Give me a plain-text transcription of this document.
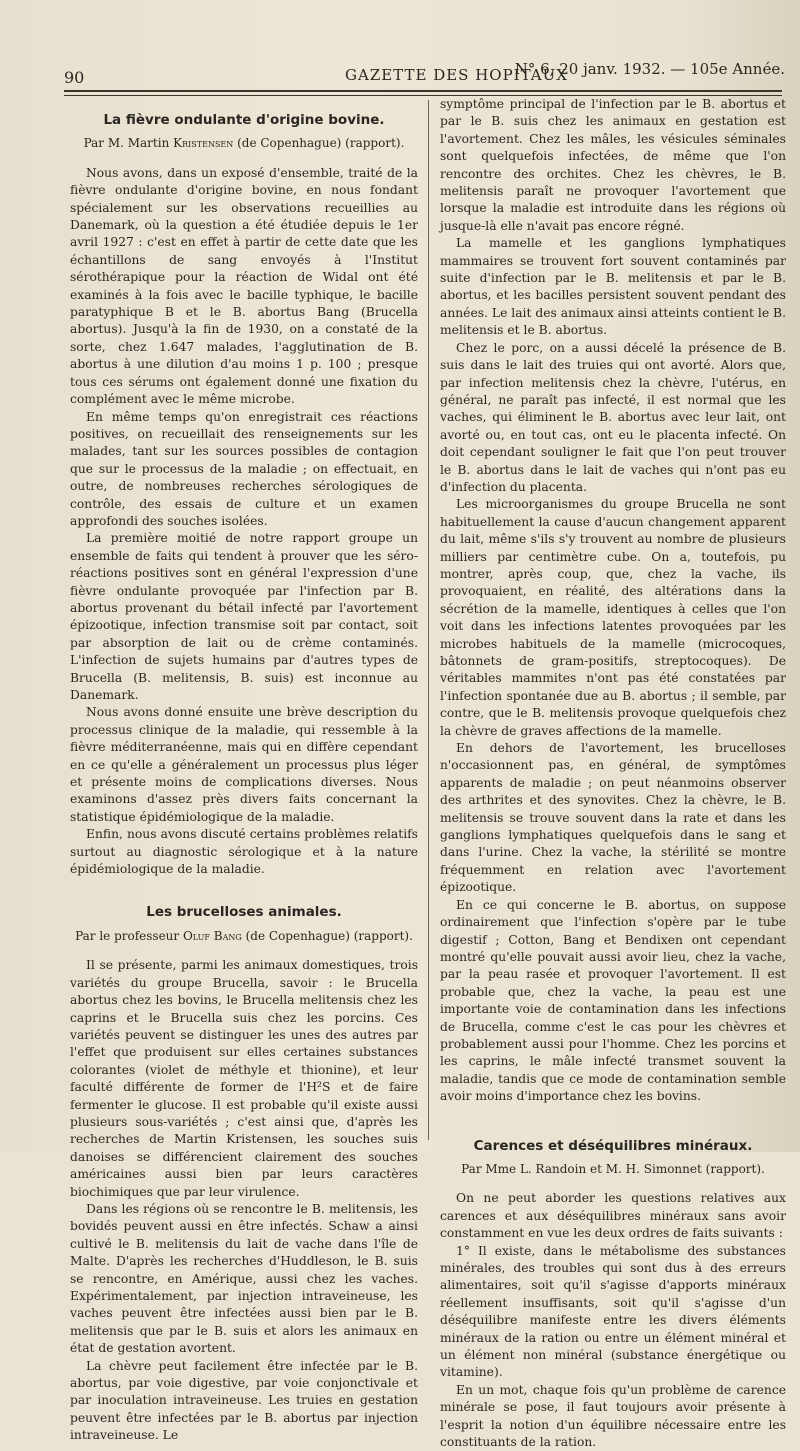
90	GAZETTE DES HOPITAUX
N° 6, 20 janv. 1932. — 105e Année.
La fièvre ondulante d'origine bovine.
Par M. Martin Kristensen (de Copenhague) (rapport).

Nous avons, dans un exposé d'ensemble, traité de la fièvre ondulante d'origine bovine, en nous fondant spécialement sur les observations recueillies au Danemark, où la question a été étudiée depuis le 1er avril 1927 : c'est en effet à partir de cette date que les échantillons de sang envoyés à l'Institut sérothérapique pour la réaction de Widal ont été examinés à la fois avec le bacille typhique, le bacille paratyphique B et le B. abortus Bang (Brucella abortus). Jusqu'à la fin de 1930, on a constaté de la sorte, chez 1.647 malades, l'agglutination de B. abortus à une dilution d'au moins 1 p. 100 ; presque tous ces sérums ont également donné une fixation du complément avec le même microbe.

En même temps qu'on enregistrait ces réactions positives, on recueillait des renseignements sur les malades, tant sur les sources possibles de contagion que sur le processus de la maladie ; on effectuait, en outre, de nombreuses recherches sérologiques de contrôle, des essais de culture et un examen approfondi des souches isolées.

La première moitié de notre rapport groupe un ensemble de faits qui tendent à prouver que les séro-réactions positives sont en général l'expression d'une fièvre ondulante provoquée par l'infection par B. abortus provenant du bétail infecté par l'avortement épizootique, infection transmise soit par contact, soit par absorption de lait ou de crème contaminés. L'infection de sujets humains par d'autres types de Brucella (B. melitensis, B. suis) est inconnue au Danemark.

Nous avons donné ensuite une brève description du processus clinique de la maladie, qui ressemble à la fièvre méditerranéenne, mais qui en diffère cependant en ce qu'elle a généralement un processus plus léger et présente moins de complications diverses. Nous examinons d'assez près divers faits concernant la statistique épidémiologique de la maladie.

Enfin, nous avons discuté certains problèmes relatifs surtout au diagnostic sérologique et à la nature épidémiologique de la maladie.

Les brucelloses animales.
Par le professeur Oluf Bang (de Copenhague) (rapport).

Il se présente, parmi les animaux domestiques, trois variétés du groupe Brucella, savoir : le Brucella abortus chez les bovins, le Brucella melitensis chez les caprins et le Brucella suis chez les porcins. Ces variétés peuvent se distinguer les unes des autres par l'effet que produisent sur elles certaines substances colorantes (violet de méthyle et thionine), et leur faculté différente de former de l'H²S et de faire fermenter le glucose. Il est probable qu'il existe aussi plusieurs sous-variétés ; c'est ainsi que, d'après les recherches de Martin Kristensen, les souches suis danoises se différencient clairement des souches américaines aussi bien par leurs caractères biochimiques que par leur virulence.

Dans les régions où se rencontre le B. melitensis, les bovidés peuvent aussi en être infectés. Schaw a ainsi cultivé le B. melitensis du lait de vache dans l'île de Malte. D'après les recherches d'Huddleson, le B. suis se rencontre, en Amérique, aussi chez les vaches. Expérimentalement, par injection intraveineuse, les vaches peuvent être infectées aussi bien par le B. melitensis que par le B. suis et alors les animaux en état de gestation avortent.

La chèvre peut facilement être infectée par le B. abortus, par voie digestive, par voie conjonctivale et par inoculation intraveineuse. Les truies en gestation peuvent être infectées par le B. abortus par injection intraveineuse. Le

symptôme principal de l'infection par le B. abortus et par le B. suis chez les animaux en gestation est l'avortement. Chez les mâles, les vésicules séminales sont quelquefois infectées, de même que l'on rencontre des orchites. Chez les chèvres, le B. melitensis paraît ne provoquer l'avortement que lorsque la maladie est introduite dans les régions où jusque-là elle n'avait pas encore régné.

La mamelle et les ganglions lymphatiques mammaires se trouvent fort souvent contaminés par suite d'infection par le B. melitensis et par le B. abortus, et les bacilles persistent souvent pendant des années. Le lait des animaux ainsi atteints contient le B. melitensis et le B. abortus.

Chez le porc, on a aussi décelé la présence de B. suis dans le lait des truies qui ont avorté. Alors que, par infection melitensis chez la chèvre, l'utérus, en général, ne paraît pas infecté, il est normal que les vaches, qui éliminent le B. abortus avec leur lait, ont avorté ou, en tout cas, ont eu le placenta infecté. On doit cependant souligner le fait que l'on peut trouver le B. abortus dans le lait de vaches qui n'ont pas eu d'infection du placenta.

Les microorganismes du groupe Brucella ne sont habituellement la cause d'aucun changement apparent du lait, même s'ils s'y trouvent au nombre de plusieurs milliers par centimètre cube. On a, toutefois, pu montrer, après coup, que, chez la vache, ils provoquaient, en réalité, des altérations dans la sécrétion de la mamelle, identiques à celles que l'on voit dans les infections latentes provoquées par les microbes habituels de la mamelle (microcoques, bâtonnets de gram-positifs, streptocoques). De véritables mammites n'ont pas été constatées par l'infection spontanée due au B. abortus ; il semble, par contre, que le B. melitensis provoque quelquefois chez la chèvre de graves affections de la mamelle.

En dehors de l'avortement, les brucelloses n'occasionnent pas, en général, de symptômes apparents de maladie ; on peut néanmoins observer des arthrites et des synovites. Chez la chèvre, le B. melitensis se trouve souvent dans la rate et dans les ganglions lymphatiques quelquefois dans le sang et dans l'urine. Chez la vache, la stérilité se montre fréquemment en relation avec l'avortement épizootique.

En ce qui concerne le B. abortus, on suppose ordinairement que l'infection s'opère par le tube digestif ; Cotton, Bang et Bendixen ont cependant montré qu'elle pouvait aussi avoir lieu, chez la vache, par la peau rasée et provoquer l'avortement. Il est probable que, chez la vache, la peau est une importante voie de contamination dans les infections de Brucella, comme c'est le cas pour les chèvres et probablement aussi pour l'homme. Chez les porcins et les caprins, le mâle infecté transmet souvent la maladie, tandis que ce mode de contamination semble avoir moins d'importance chez les bovins.

Carences et déséquilibres minéraux.
Par Mme L. Randoin et M. H. Simonnet (rapport).

On ne peut aborder les questions relatives aux carences et aux déséquilibres minéraux sans avoir constamment en vue les deux ordres de faits suivants :

1° Il existe, dans le métabolisme des substances minérales, des troubles qui sont dus à des erreurs alimentaires, soit qu'il s'agisse d'apports minéraux réellement insuffisants, soit qu'il s'agisse d'un déséquilibre manifeste entre les divers éléments minéraux de la ration ou entre un élément minéral et un élément non minéral (substance énergétique ou vitamine).

En un mot, chaque fois qu'un problème de carence minérale se pose, il faut toujours avoir présente à l'esprit la notion d'un équilibre nécessaire entre les constituants de la ration.
